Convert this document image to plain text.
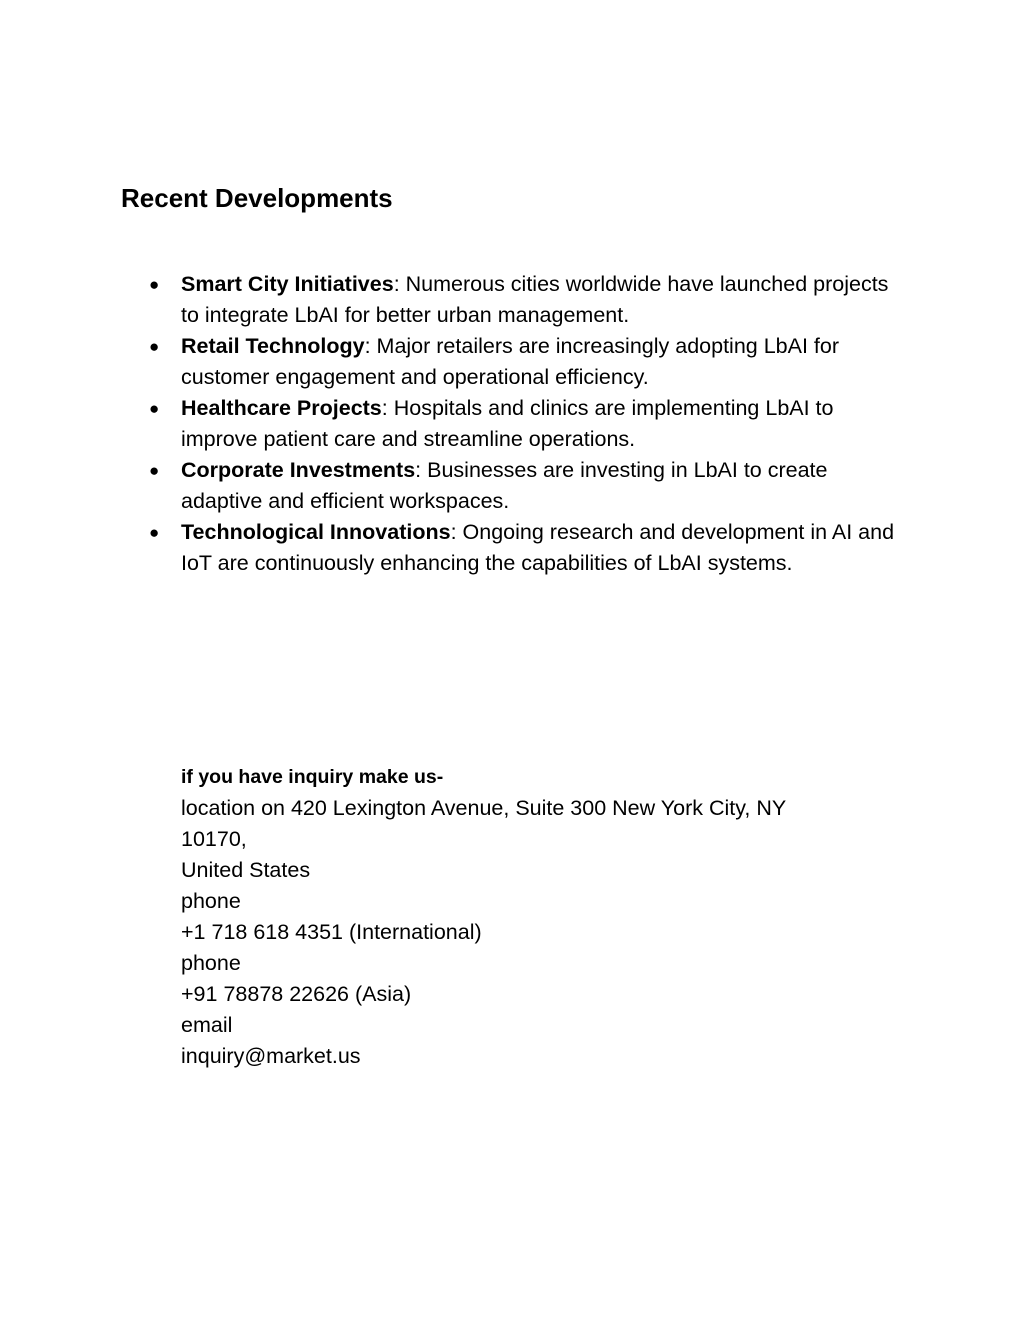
Recent Developments
● Smart City Initiatives: Numerous cities worldwide have launched projects to integrate LbAI for better urban management.
● Retail Technology: Major retailers are increasingly adopting LbAI for customer engagement and operational efficiency.
● Healthcare Projects: Hospitals and clinics are implementing LbAI to improve patient care and streamline operations.
● Corporate Investments: Businesses are investing in LbAI to create adaptive and efficient workspaces.
● Technological Innovations: Ongoing research and development in AI and IoT are continuously enhancing the capabilities of LbAI systems.
if you have inquiry make us-
location on 420 Lexington Avenue, Suite 300 New York City, NY
10170,
United States
phone
+1 718 618 4351 (International)
phone
+91 78878 22626 (Asia)
email
inquiry@market.us
